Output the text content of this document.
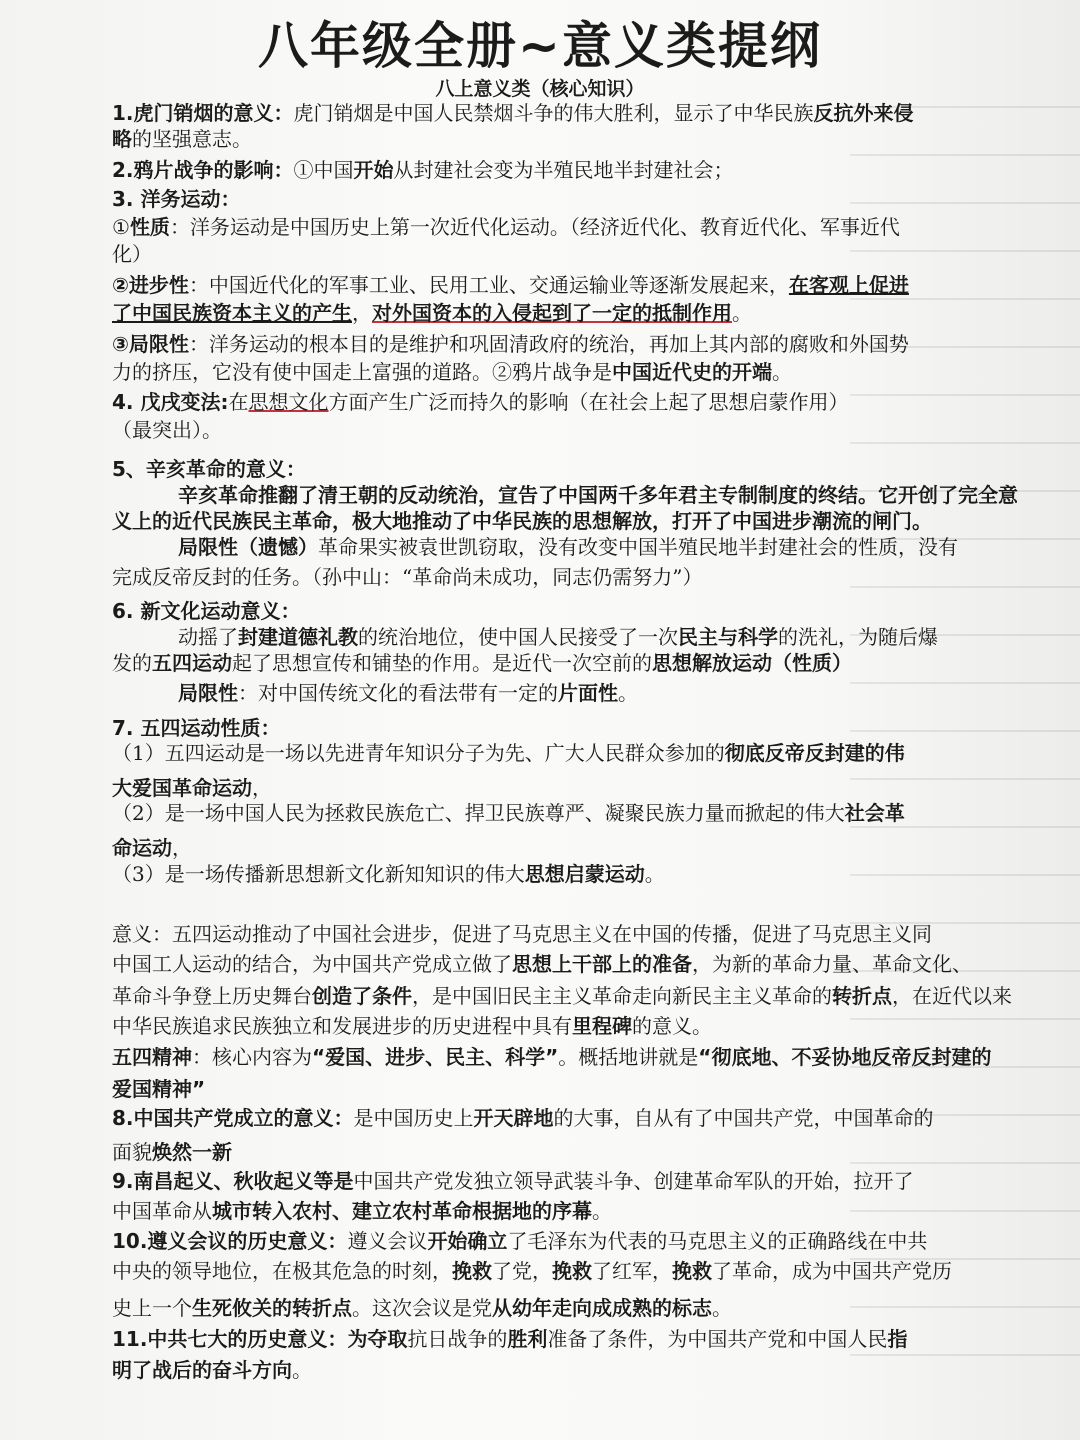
八年级全册~意义类提纲
八上意义类（核心知识）
1.虎门销烟的意义：虎门销烟是中国人民禁烟斗争的伟大胜利，显示了中华民族反抗外来侵
略的坚强意志。
2.鸦片战争的影响：①中国开始从封建社会变为半殖民地半封建社会；
3. 洋务运动：
①性质：洋务运动是中国历史上第一次近代化运动。（经济近代化、教育近代化、军事近代
化）
②进步性：中国近代化的军事工业、民用工业、交通运输业等逐渐发展起来，在客观上促进
了中国民族资本主义的产生，对外国资本的入侵起到了一定的抵制作用。
③局限性：洋务运动的根本目的是维护和巩固清政府的统治，再加上其内部的腐败和外国势
力的挤压，它没有使中国走上富强的道路。②鸦片战争是中国近代史的开端。
4. 戊戌变法:在思想文化方面产生广泛而持久的影响（在社会上起了思想启蒙作用）
（最突出）。
5、辛亥革命的意义：
辛亥革命推翻了清王朝的反动统治，宣告了中国两千多年君主专制制度的终结。它开创了完全意
义上的近代民族民主革命，极大地推动了中华民族的思想解放，打开了中国进步潮流的闸门。
局限性（遗憾）革命果实被袁世凯窃取，没有改变中国半殖民地半封建社会的性质，没有
完成反帝反封的任务。（孙中山：“革命尚未成功，同志仍需努力”）
6. 新文化运动意义：
动摇了封建道德礼教的统治地位，使中国人民接受了一次民主与科学的洗礼，为随后爆
发的五四运动起了思想宣传和铺垫的作用。是近代一次空前的思想解放运动（性质）
局限性：对中国传统文化的看法带有一定的片面性。
7. 五四运动性质：
（1）五四运动是一场以先进青年知识分子为先、广大人民群众参加的彻底反帝反封建的伟
大爱国革命运动，
（2）是一场中国人民为拯救民族危亡、捍卫民族尊严、凝聚民族力量而掀起的伟大社会革
命运动，
（3）是一场传播新思想新文化新知知识的伟大思想启蒙运动。
意义：五四运动推动了中国社会进步，促进了马克思主义在中国的传播，促进了马克思主义同
中国工人运动的结合，为中国共产党成立做了思想上干部上的准备，为新的革命力量、革命文化、
革命斗争登上历史舞台创造了条件，是中国旧民主主义革命走向新民主主义革命的转折点，在近代以来
中华民族追求民族独立和发展进步的历史进程中具有里程碑的意义。
五四精神：核心内容为“爱国、进步、民主、科学”。概括地讲就是“彻底地、不妥协地反帝反封建的
爱国精神”
8.中国共产党成立的意义：是中国历史上开天辟地的大事，自从有了中国共产党，中国革命的
面貌焕然一新
9.南昌起义、秋收起义等是中国共产党发独立领导武装斗争、创建革命军队的开始，拉开了
中国革命从城市转入农村、建立农村革命根据地的序幕。
10.遵义会议的历史意义：遵义会议开始确立了毛泽东为代表的马克思主义的正确路线在中共
中央的领导地位，在极其危急的时刻，挽救了党，挽救了红军，挽救了革命，成为中国共产党历
史上一个生死攸关的转折点。这次会议是党从幼年走向成成熟的标志。
11.中共七大的历史意义：为夺取抗日战争的胜利准备了条件，为中国共产党和中国人民指
明了战后的奋斗方向。
